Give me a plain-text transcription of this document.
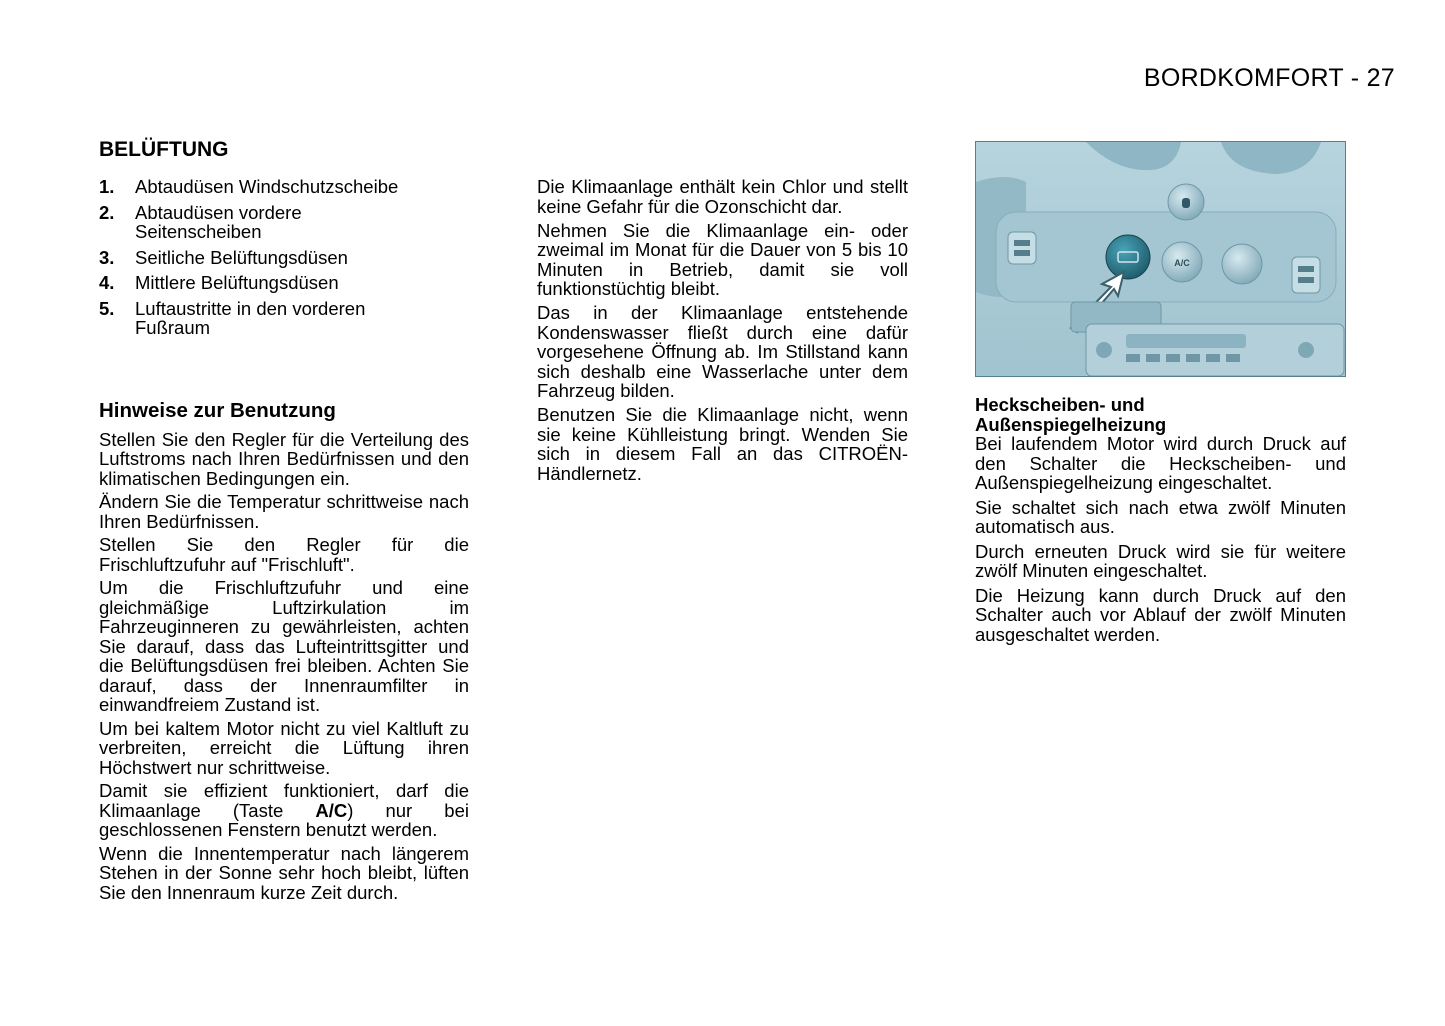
BORDKOMFORT - 27
BELÜFTUNG
1.	Abtaudüsen Windschutzscheibe
2.	Abtaudüsen vordere Seitenscheiben
3.	Seitliche Belüftungsdüsen
4.	Mittlere Belüftungsdüsen
5.	Luftaustritte in den vorderen Fußraum
Hinweise zur Benutzung

Stellen Sie den Regler für die Verteilung des Luftstroms nach Ihren Bedürfnissen und den klimatischen Bedingungen ein.

Ändern Sie die Temperatur schrittweise nach Ihren Bedürfnissen.

Stellen Sie den Regler für die Frischluftzufuhr auf "Frischluft".

Um die Frischluftzufuhr und eine gleichmäßige Luftzirkulation im Fahrzeuginneren zu gewährleisten, achten Sie darauf, dass das Lufteintrittsgitter und die Belüftungsdüsen frei bleiben. Achten Sie darauf, dass der Innenraumfilter in einwandfreiem Zustand ist.

Um bei kaltem Motor nicht zu viel Kaltluft zu verbreiten, erreicht die Lüftung ihren Höchstwert nur schrittweise.

Damit sie effizient funktioniert, darf die Klimaanlage (Taste A/C) nur bei geschlossenen Fenstern benutzt werden.

Wenn die Innentemperatur nach längerem Stehen in der Sonne sehr hoch bleibt, lüften Sie den Innenraum kurze Zeit durch.

Die Klimaanlage enthält kein Chlor und stellt keine Gefahr für die Ozonschicht dar.

Nehmen Sie die Klimaanlage ein- oder zweimal im Monat für die Dauer von 5 bis 10 Minuten in Betrieb, damit sie voll funktionstüchtig bleibt.

Das in der Klimaanlage entstehende Kondenswasser fließt durch eine dafür vorgesehene Öffnung ab. Im Stillstand kann sich deshalb eine Wasserlache unter dem Fahrzeug bilden.

Benutzen Sie die Klimaanlage nicht, wenn sie keine Kühlleistung bringt. Wenden Sie sich in diesem Fall an das CITROËN-Händlernetz.

A/C
Heckscheiben- und
Außenspiegelheizung

Bei laufendem Motor wird durch Druck auf den Schalter die Heckscheiben- und Außenspiegelheizung eingeschaltet.

Sie schaltet sich nach etwa zwölf Minuten automatisch aus.

Durch erneuten Druck wird sie für weitere zwölf Minuten eingeschaltet.

Die Heizung kann durch Druck auf den Schalter auch vor Ablauf der zwölf Minuten ausgeschaltet werden.
